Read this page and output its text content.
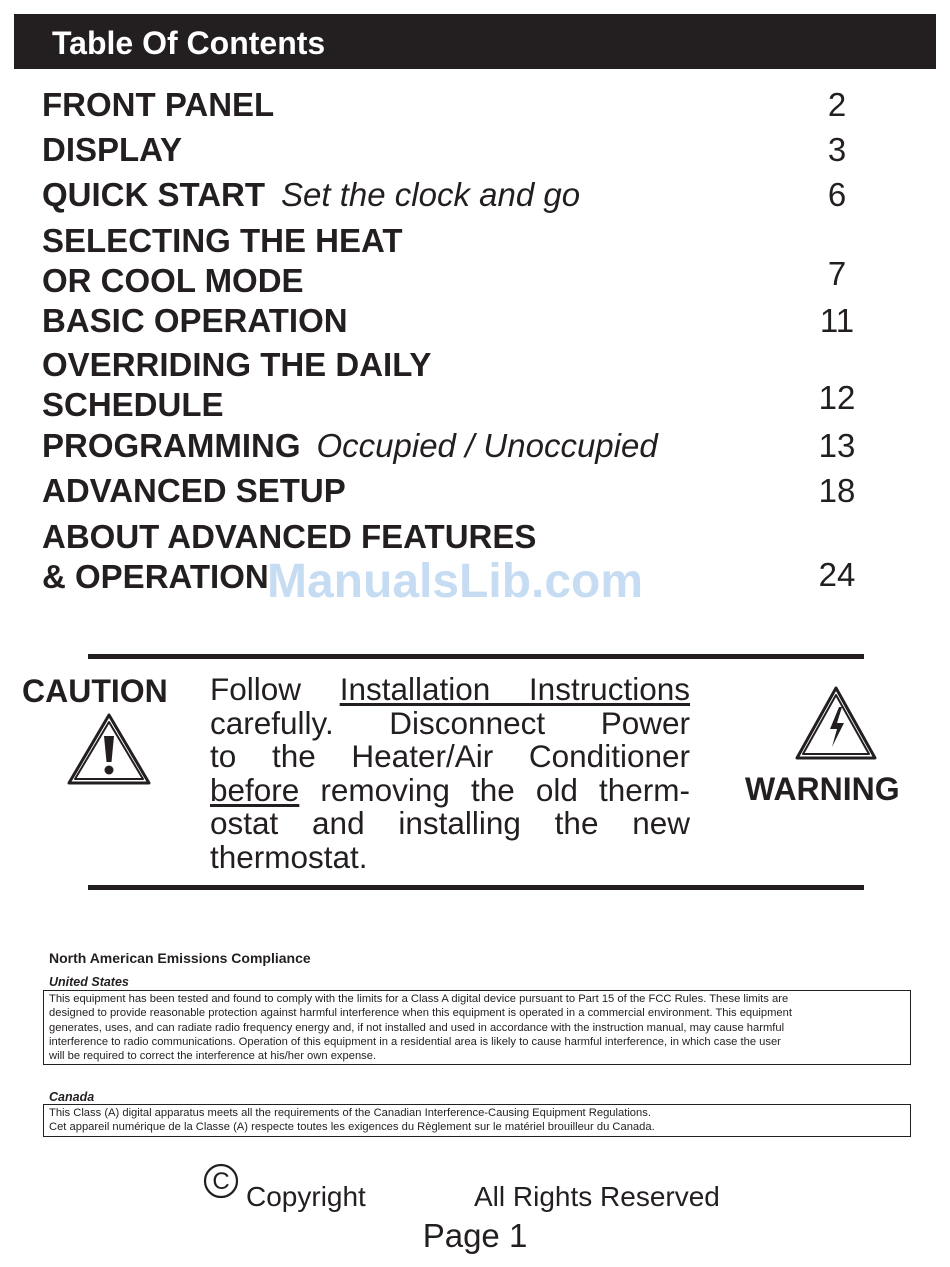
Table Of Contents
FRONT PANEL	2
DISPLAY	3
QUICK START Set the clock and go	6
SELECTING THE HEAT
OR COOL MODE	7
BASIC OPERATION	11
OVERRIDING THE DAILY
SCHEDULE	12
PROGRAMMING Occupied / Unoccupied	13
ADVANCED SETUP	18
ABOUT ADVANCED FEATURES
& OPERATION	24
ManualsLib.com
CAUTION Follow Installation Instructions
carefully. Disconnect Power
to the Heater/Air Conditioner
before removing the old therm-
ostat and installing the new
thermostat.
WARNING
North American Emissions Compliance
United States
This equipment has been tested and found to comply with the limits for a Class A digital device pursuant to Part 15 of the FCC Rules. These limits are
designed to provide reasonable protection against harmful interference when this equipment is operated in a commercial environment. This equipment
generates, uses, and can radiate radio frequency energy and, if not installed and used in accordance with the instruction manual, may cause harmful
interference to radio communications. Operation of this equipment in a residential area is likely to cause harmful interference, in which case the user
will be required to correct the interference at his/her own expense.
Canada
This Class (A) digital apparatus meets all the requirements of the Canadian Interference-Causing Equipment Regulations.
Cet appareil numérique de la Classe (A) respecte toutes les exigences du Règlement sur le matériel brouilleur du Canada.
C Copyright	All Rights Reserved
Page 1
